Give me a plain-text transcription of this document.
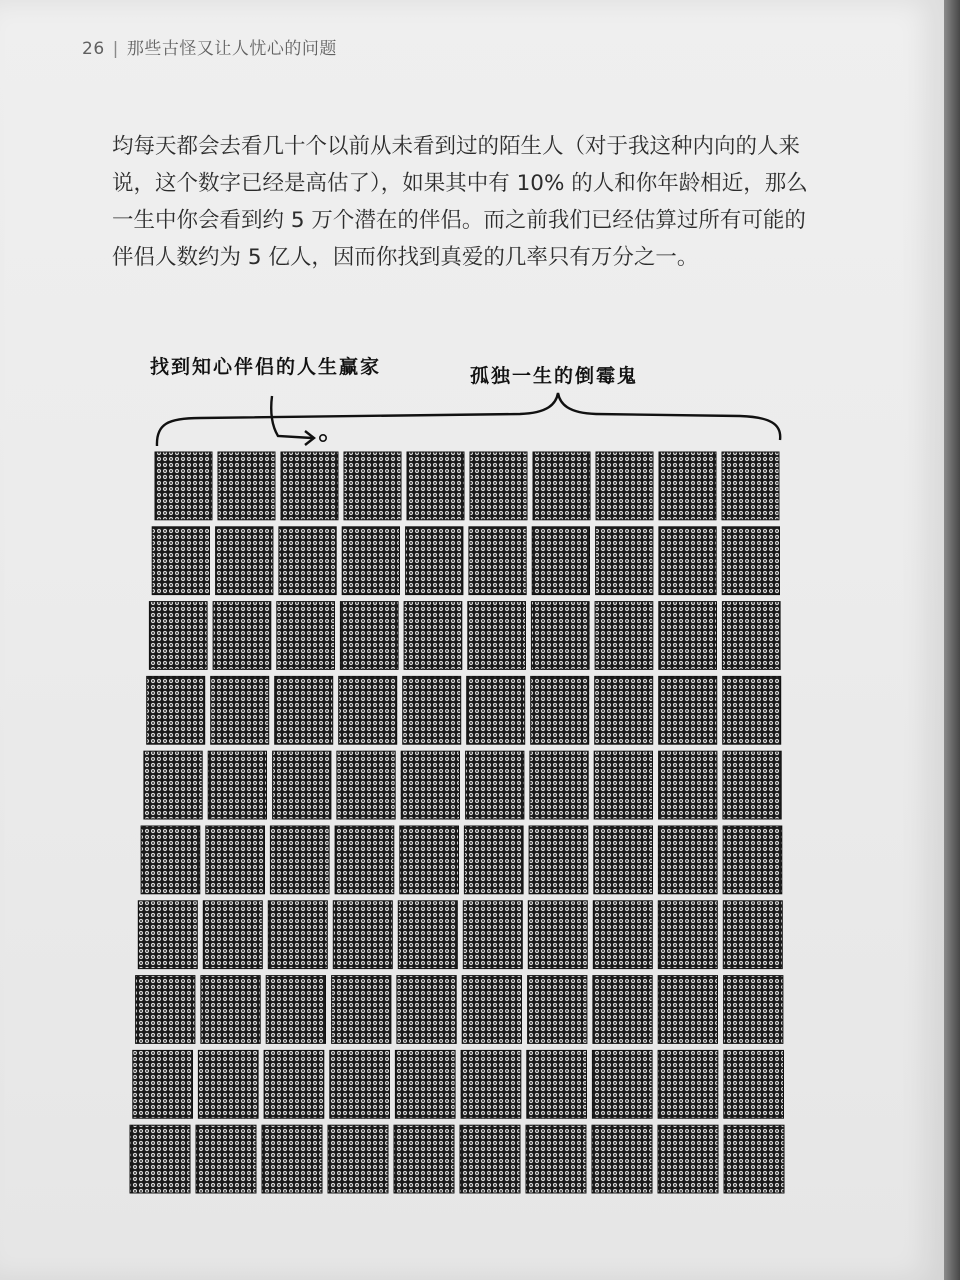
26 | 那些古怪又让人忧心的问题

均每天都会去看几十个以前从未看到过的陌生人（对于我这种内向的人来

说，这个数字已经是高估了），如果其中有 10% 的人和你年龄相近，那么

一生中你会看到约 5 万个潜在的伴侣。而之前我们已经估算过所有可能的

伴侣人数约为 5 亿人，因而你找到真爱的几率只有万分之一。

找到知心伴侣的人生赢家	孤独一生的倒霉鬼
